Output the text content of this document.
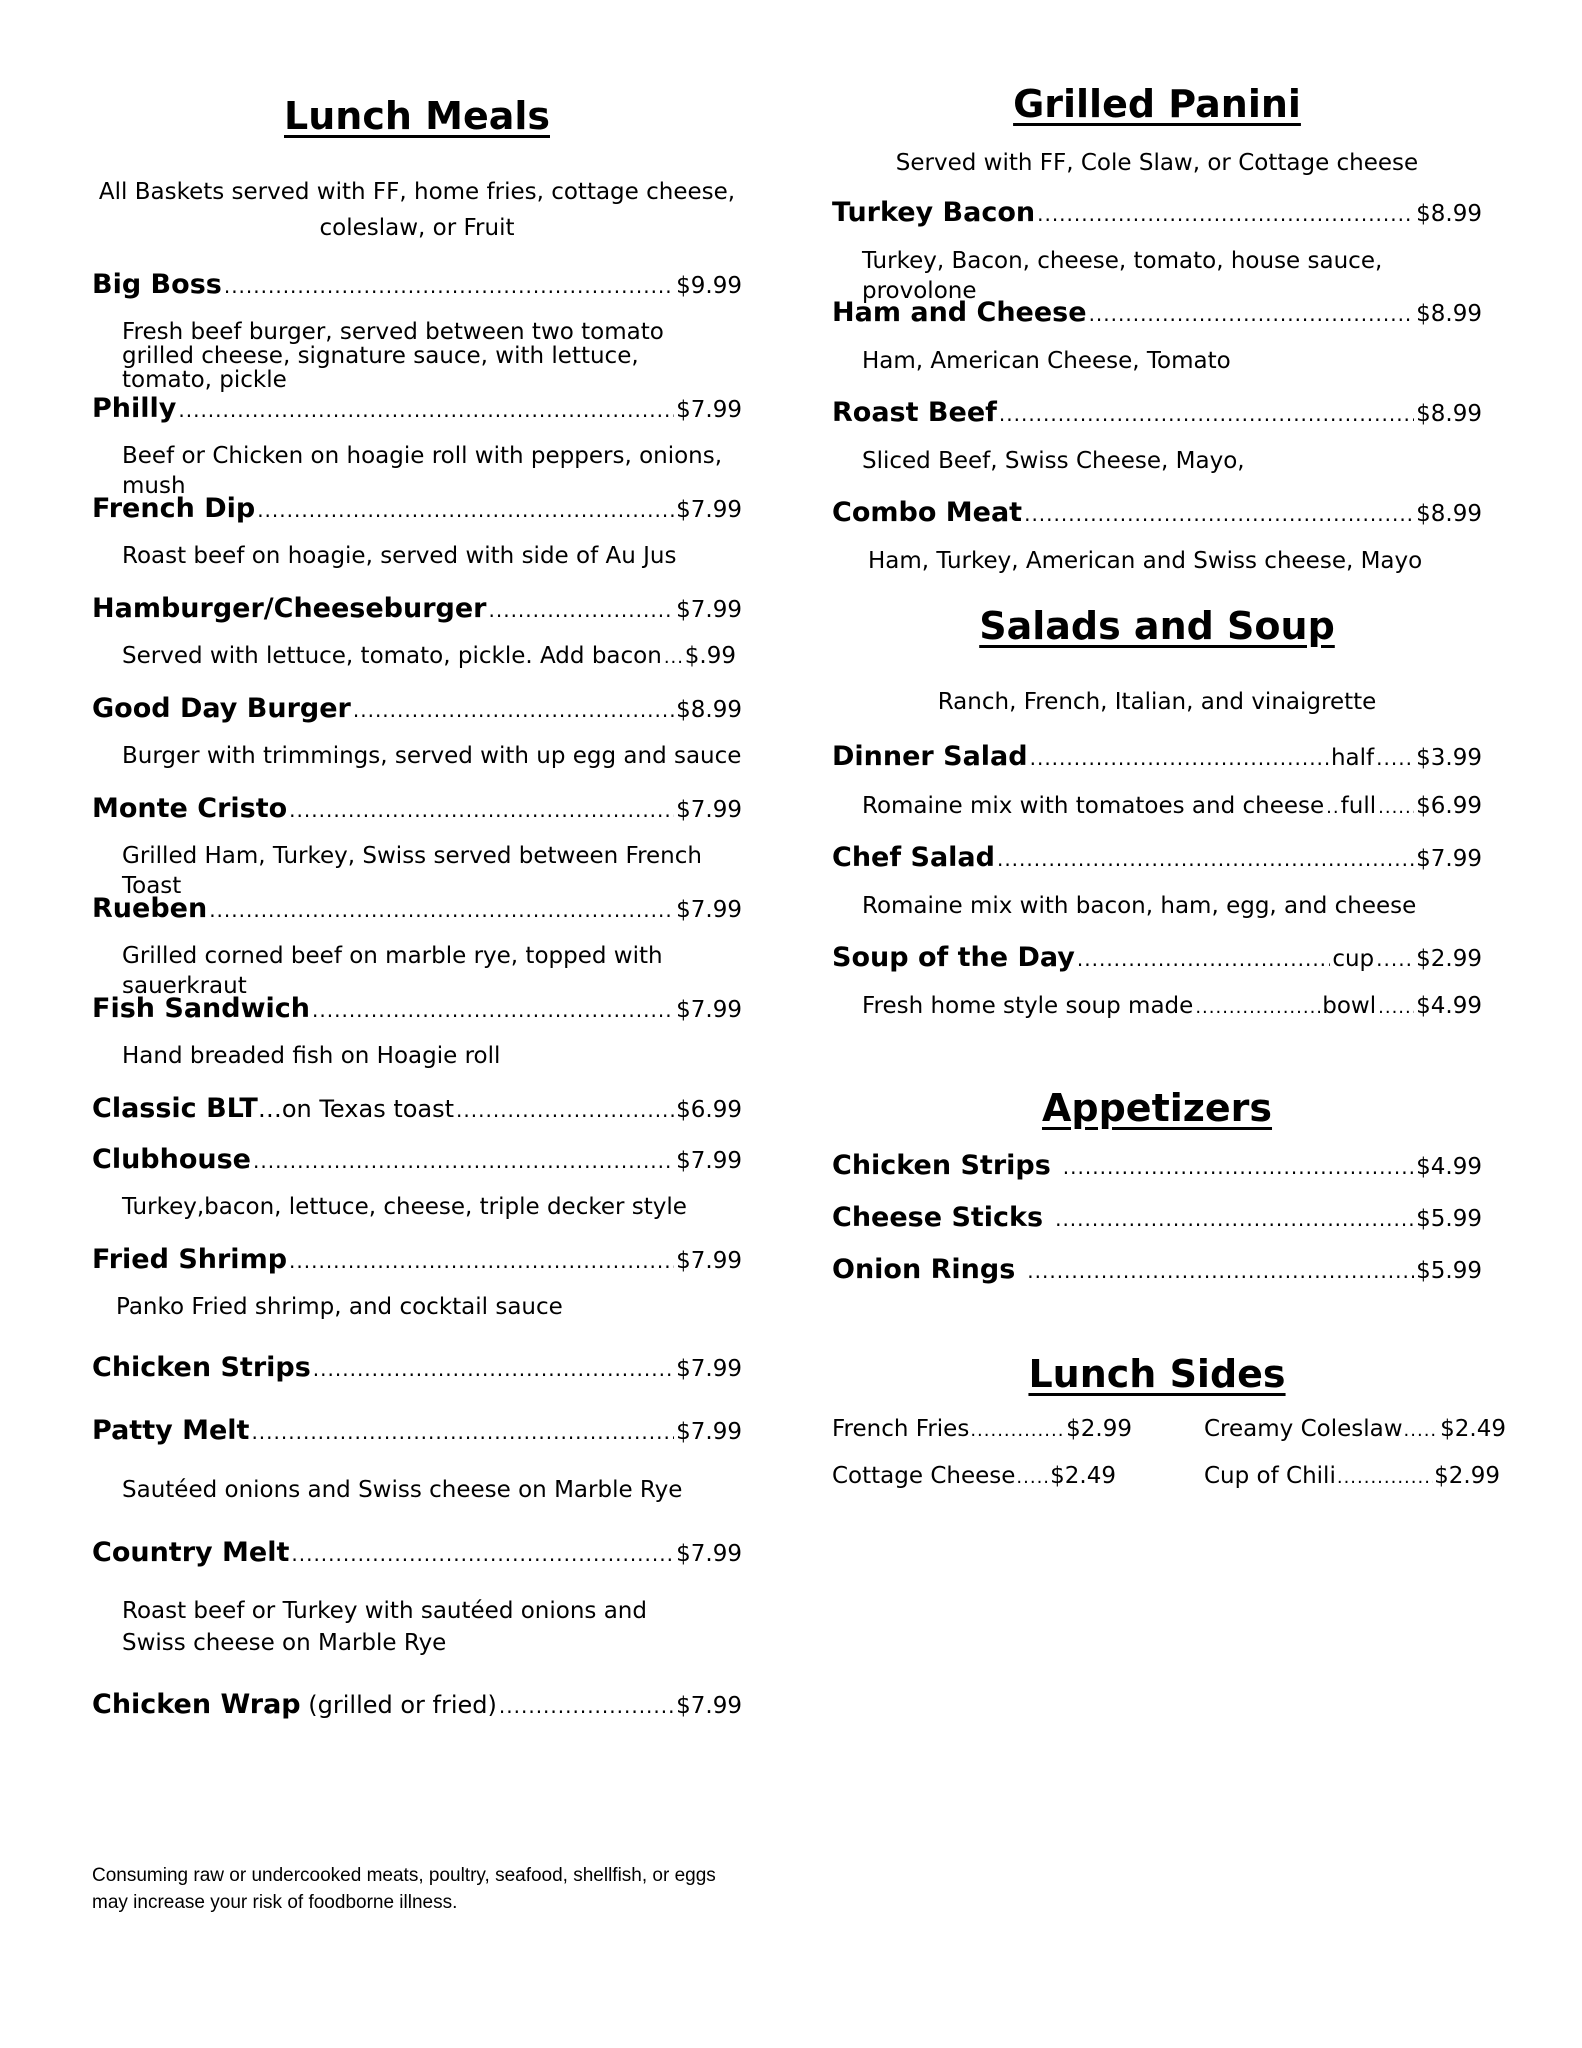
Lunch Meals
All Baskets served with FF, home fries, cottage cheese,
coleslaw, or Fruit
Big Boss .....	$9.99
Fresh beef burger, served between two tomato grilled cheese, signature sauce, with lettuce, tomato, pickle
Philly .....	$7.99
Beef or Chicken on hoagie roll with peppers, onions, mush
French Dip .....	$7.99
Roast beef on hoagie, served with side of Au Jus
Hamburger/Cheeseburger .....	$7.99
Served with lettuce, tomato, pickle. Add bacon ..... $.99
Good Day Burger .....	$8.99
Burger with trimmings, served with up egg and sauce
Monte Cristo .....	$7.99
Grilled Ham, Turkey, Swiss served between French Toast
Rueben .....	$7.99
Grilled corned beef on marble rye, topped with sauerkraut
Fish Sandwich .....	$7.99
Hand breaded fish on Hoagie roll
Classic BLT …on Texas toast .....	$6.99
Clubhouse .....	$7.99
Turkey,bacon, lettuce, cheese, triple decker style
Fried Shrimp .....	$7.99
Panko Fried shrimp, and cocktail sauce
Chicken Strips .....	$7.99
Patty Melt .....	$7.99
Sautéed onions and Swiss cheese on Marble Rye
Country Melt .....	$7.99
Roast beef or Turkey with sautéed onions and Swiss cheese on Marble Rye
Chicken Wrap (grilled or fried) .....	$7.99
Consuming raw or undercooked meats, poultry, seafood, shellfish, or eggs may increase your risk of foodborne illness.
Grilled Panini
Served with FF, Cole Slaw, or Cottage cheese
Turkey Bacon .....	$8.99
Turkey, Bacon, cheese, tomato, house sauce, provolone
Ham and Cheese .....	$8.99
Ham, American Cheese, Tomato
Roast Beef .....	$8.99
Sliced Beef, Swiss Cheese, Mayo,
Combo Meat .....	$8.99
Ham, Turkey, American and Swiss cheese, Mayo
Salads and Soup
Ranch, French, Italian, and vinaigrette
Dinner Salad .....	half ..... $3.99
Romaine mix with tomatoes and cheese ..... full ..... $6.99
Chef Salad .....	$7.99
Romaine mix with bacon, ham, egg, and cheese
Soup of the Day .....	cup ..... $2.99
Fresh home style soup made .....	bowl ..... $4.99
Appetizers
Chicken Strips .....	$4.99
Cheese Sticks .....	$5.99
Onion Rings .....	$5.99
Lunch Sides
French Fries .....	$2.99	Creamy Coleslaw ..... $2.49
Cottage Cheese ..... $2.49	Cup of Chili .....	$2.99
